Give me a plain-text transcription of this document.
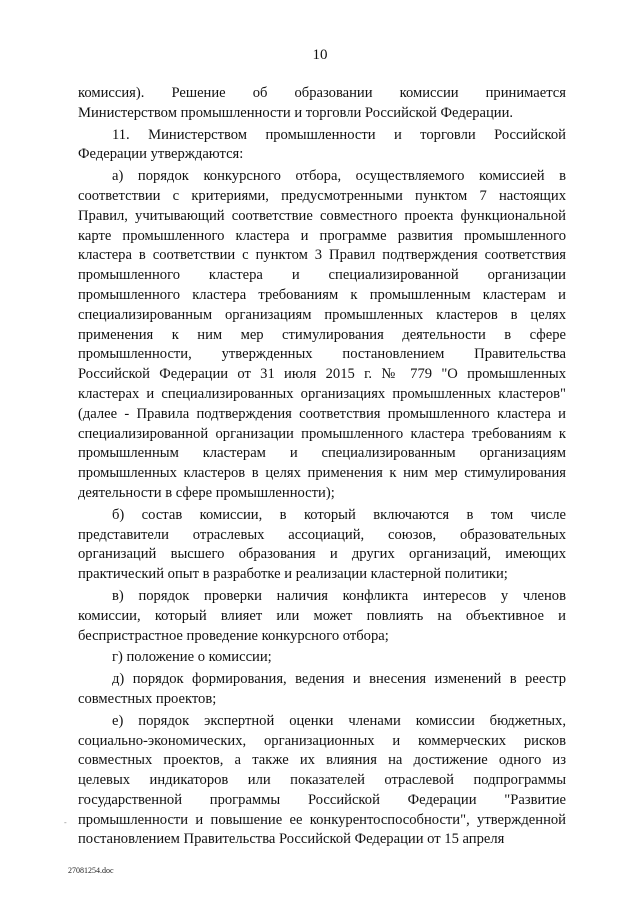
10
комиссия). Решение об образовании комиссии принимается
Министерством промышленности и торговли Российской Федерации.
11. Министерством промышленности и торговли Российской
Федерации утверждаются:
а) порядок конкурсного отбора, осуществляемого комиссией в
соответствии с критериями, предусмотренными пунктом 7 настоящих
Правил, учитывающий соответствие совместного проекта функциональной
карте промышленного кластера и программе развития промышленного
кластера в соответствии с пунктом 3 Правил подтверждения соответствия
промышленного кластера и специализированной организации
промышленного кластера требованиям к промышленным кластерам и
специализированным организациям промышленных кластеров в целях
применения к ним мер стимулирования деятельности в сфере
промышленности, утвержденных постановлением Правительства
Российской Федерации от 31 июля 2015 г. № 779 "О промышленных
кластерах и специализированных организациях промышленных кластеров"
(далее - Правила подтверждения соответствия промышленного кластера и
специализированной организации промышленного кластера требованиям к
промышленным кластерам и специализированным организациям
промышленных кластеров в целях применения к ним мер стимулирования
деятельности в сфере промышленности);
б) состав комиссии, в который включаются в том числе
представители отраслевых ассоциаций, союзов, образовательных
организаций высшего образования и других организаций, имеющих
практический опыт в разработке и реализации кластерной политики;
в) порядок проверки наличия конфликта интересов у членов
комиссии, который влияет или может повлиять на объективное и
беспристрастное проведение конкурсного отбора;
г) положение о комиссии;
д) порядок формирования, ведения и внесения изменений в реестр
совместных проектов;
е) порядок экспертной оценки членами комиссии бюджетных,
социально-экономических, организационных и коммерческих рисков
совместных проектов, а также их влияния на достижение одного из
целевых индикаторов или показателей отраслевой подпрограммы
государственной программы Российской Федерации "Развитие
промышленности и повышение ее конкурентоспособности", утвержденной
постановлением Правительства Российской Федерации от 15 апреля
-
27081254.doc
